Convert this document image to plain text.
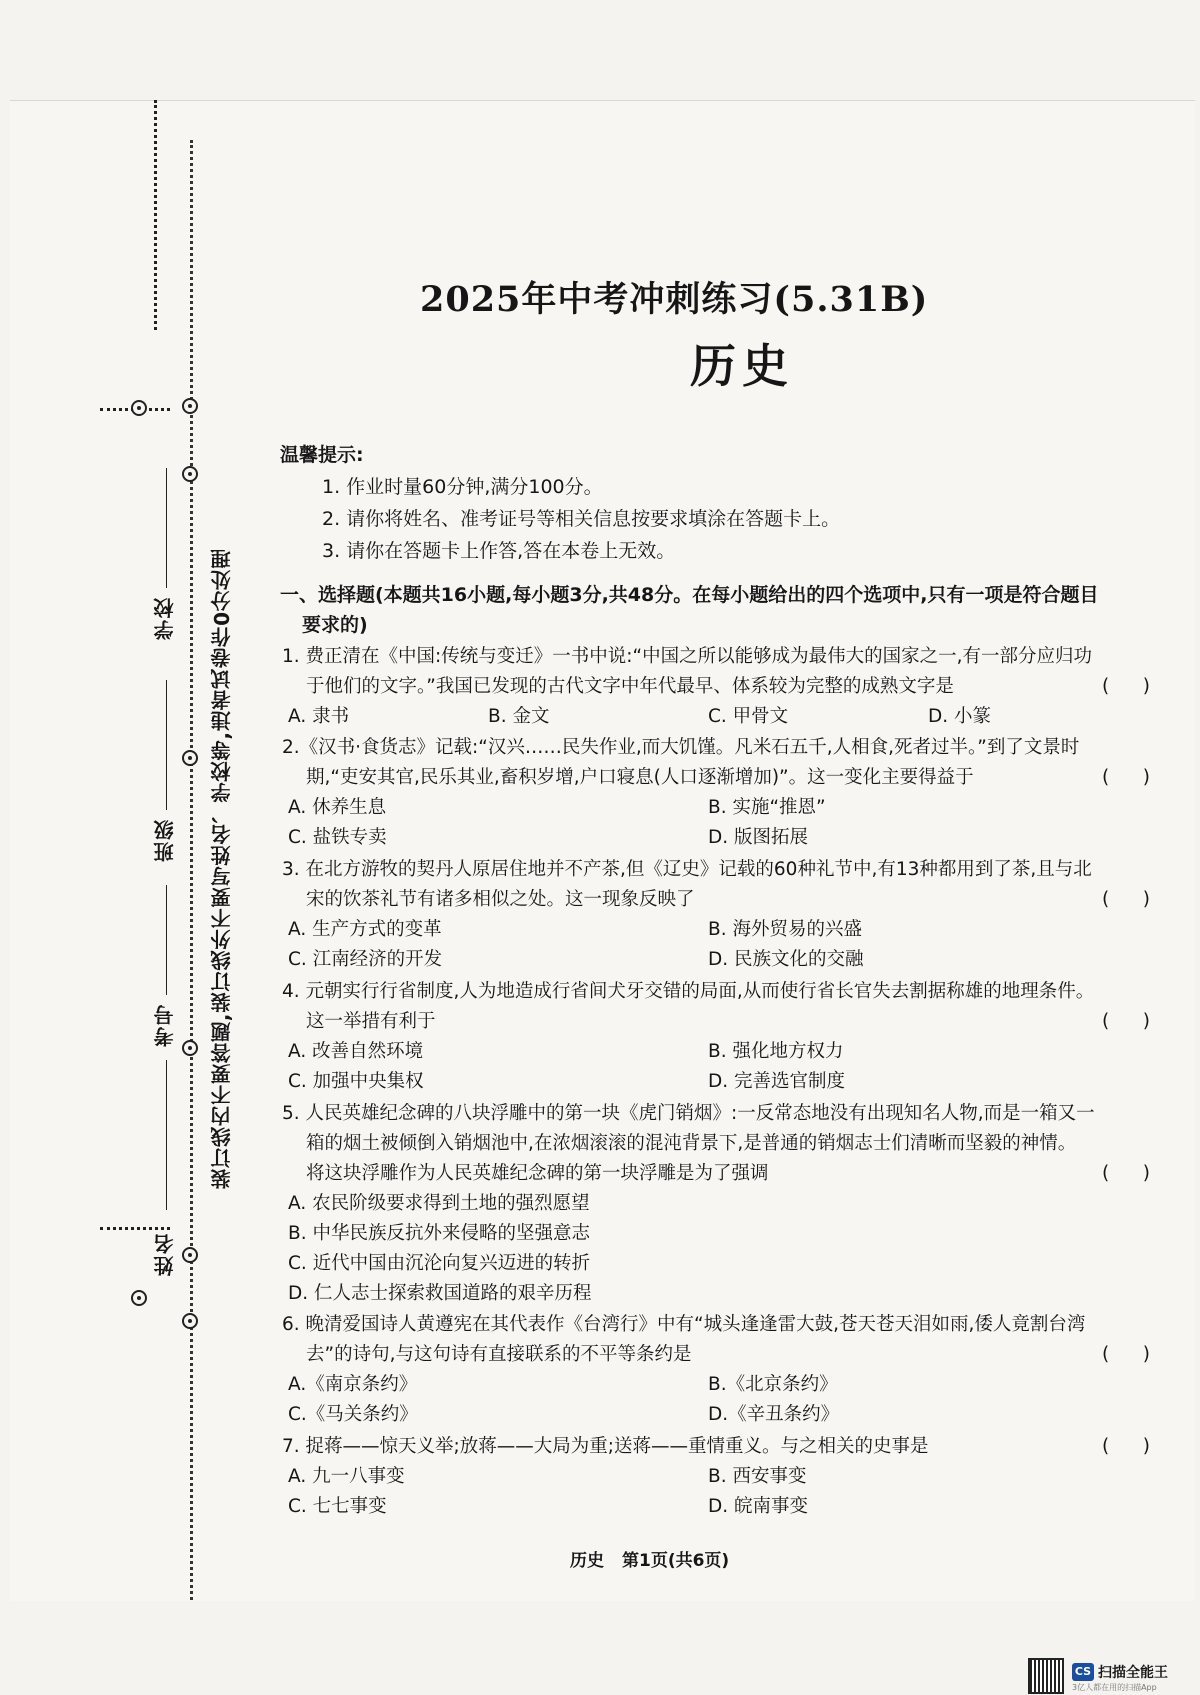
学校
班级
考号
姓名
装订线内不要答题,装订线外不要写姓名、学校等,违者试卷作0分处理
2025年中考冲刺练习(5.31B)
历史
温馨提示:
1. 作业时量60分钟,满分100分。
2. 请你将姓名、准考证号等相关信息按要求填涂在答题卡上。
3. 请你在答题卡上作答,答在本卷上无效。
一、选择题(本题共16小题,每小题3分,共48分。在每小题给出的四个选项中,只有一项是符合题目
要求的)
1. 费正清在《中国:传统与变迁》一书中说:“中国之所以能够成为最伟大的国家之一,有一部分应归功
于他们的文字。”我国已发现的古代文字中年代最早、体系较为完整的成熟文字是	( )
A. 隶书	B. 金文	C. 甲骨文	D. 小篆
2.《汉书·食货志》记载:“汉兴……民失作业,而大饥馑。凡米石五千,人相食,死者过半。”到了文景时
期,“吏安其官,民乐其业,畜积岁增,户口寝息(人口逐渐增加)”。这一变化主要得益于	( )
A. 休养生息	B. 实施“推恩”
C. 盐铁专卖	D. 版图拓展
3. 在北方游牧的契丹人原居住地并不产茶,但《辽史》记载的60种礼节中,有13种都用到了茶,且与北
宋的饮茶礼节有诸多相似之处。这一现象反映了	( )
A. 生产方式的变革	B. 海外贸易的兴盛
C. 江南经济的开发	D. 民族文化的交融
4. 元朝实行行省制度,人为地造成行省间犬牙交错的局面,从而使行省长官失去割据称雄的地理条件。
这一举措有利于	( )
A. 改善自然环境	B. 强化地方权力
C. 加强中央集权	D. 完善选官制度
5. 人民英雄纪念碑的八块浮雕中的第一块《虎门销烟》:一反常态地没有出现知名人物,而是一箱又一
箱的烟土被倾倒入销烟池中,在浓烟滚滚的混沌背景下,是普通的销烟志士们清晰而坚毅的神情。
将这块浮雕作为人民英雄纪念碑的第一块浮雕是为了强调	( )
A. 农民阶级要求得到土地的强烈愿望
B. 中华民族反抗外来侵略的坚强意志
C. 近代中国由沉沦向复兴迈进的转折
D. 仁人志士探索救国道路的艰辛历程
6. 晚清爱国诗人黄遵宪在其代表作《台湾行》中有“城头逢逢雷大鼓,苍天苍天泪如雨,倭人竟割台湾
去”的诗句,与这句诗有直接联系的不平等条约是	( )
A.《南京条约》	B.《北京条约》
C.《马关条约》	D.《辛丑条约》
7. 捉蒋——惊天义举;放蒋——大局为重;送蒋——重情重义。与之相关的史事是	( )
A. 九一八事变	B. 西安事变
C. 七七事变	D. 皖南事变
历史 第1页(共6页)
CS 扫描全能王
3亿人都在用的扫描App
